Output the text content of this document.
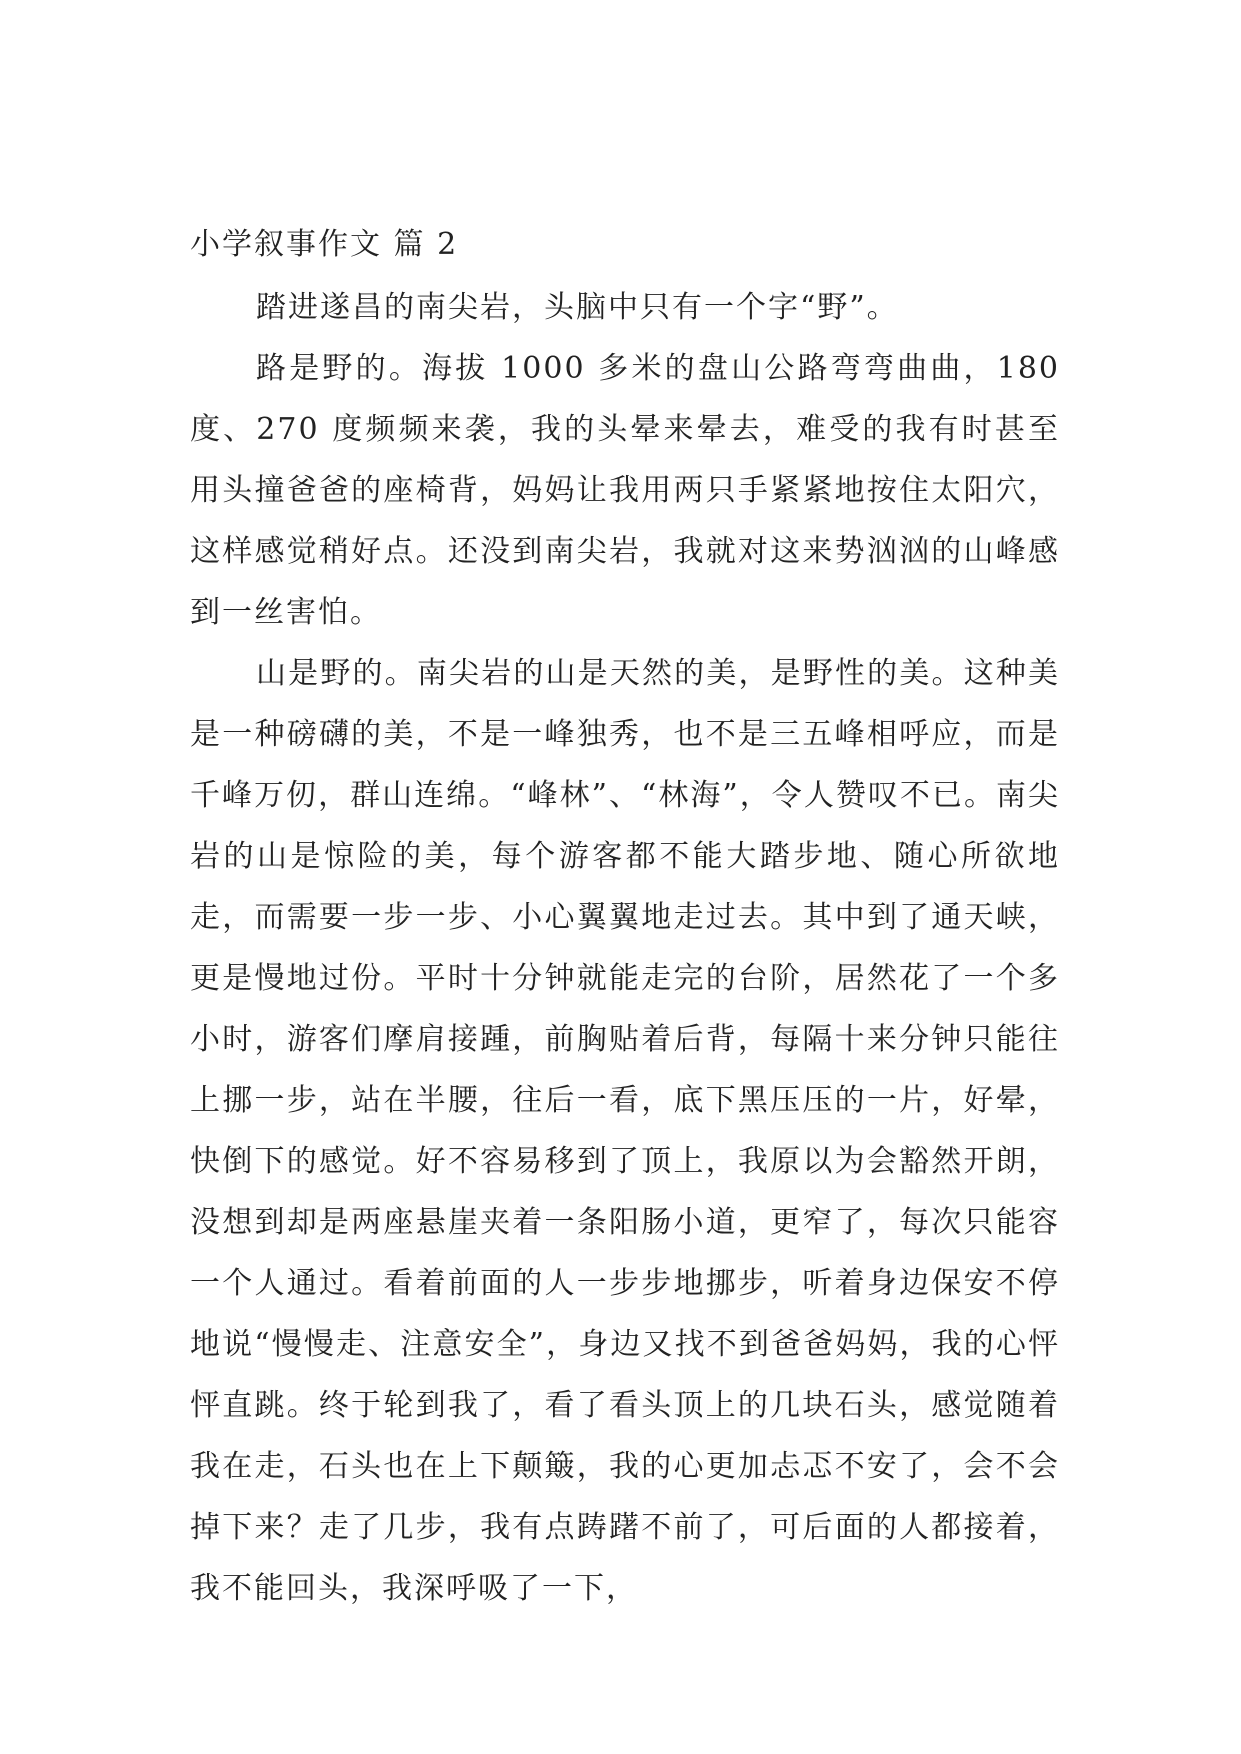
小学叙事作文 篇 2

踏进遂昌的南尖岩，头脑中只有一个字“野”。

路是野的。海拔 1000 多米的盘山公路弯弯曲曲，180 度、270 度频频来袭，我的头晕来晕去，难受的我有时甚至用头撞爸爸的座椅背，妈妈让我用两只手紧紧地按住太阳穴，这样感觉稍好点。还没到南尖岩，我就对这来势汹汹的山峰感到一丝害怕。

山是野的。南尖岩的山是天然的美，是野性的美。这种美是一种磅礴的美，不是一峰独秀，也不是三五峰相呼应，而是千峰万仞，群山连绵。“峰林”、“林海”，令人赞叹不已。南尖岩的山是惊险的美，每个游客都不能大踏步地、随心所欲地走，而需要一步一步、小心翼翼地走过去。其中到了通天峡，更是慢地过份。平时十分钟就能走完的台阶，居然花了一个多小时，游客们摩肩接踵，前胸贴着后背，每隔十来分钟只能往上挪一步，站在半腰，往后一看，底下黑压压的一片，好晕，快倒下的感觉。好不容易移到了顶上，我原以为会豁然开朗，没想到却是两座悬崖夹着一条阳肠小道，更窄了，每次只能容一个人通过。看着前面的人一步步地挪步，听着身边保安不停地说“慢慢走、注意安全”，身边又找不到爸爸妈妈，我的心怦怦直跳。终于轮到我了，看了看头顶上的几块石头，感觉随着我在走，石头也在上下颠簸，我的心更加忐忑不安了，会不会掉下来？走了几步，我有点踌躇不前了，可后面的人都接着，我不能回头，我深呼吸了一下，
